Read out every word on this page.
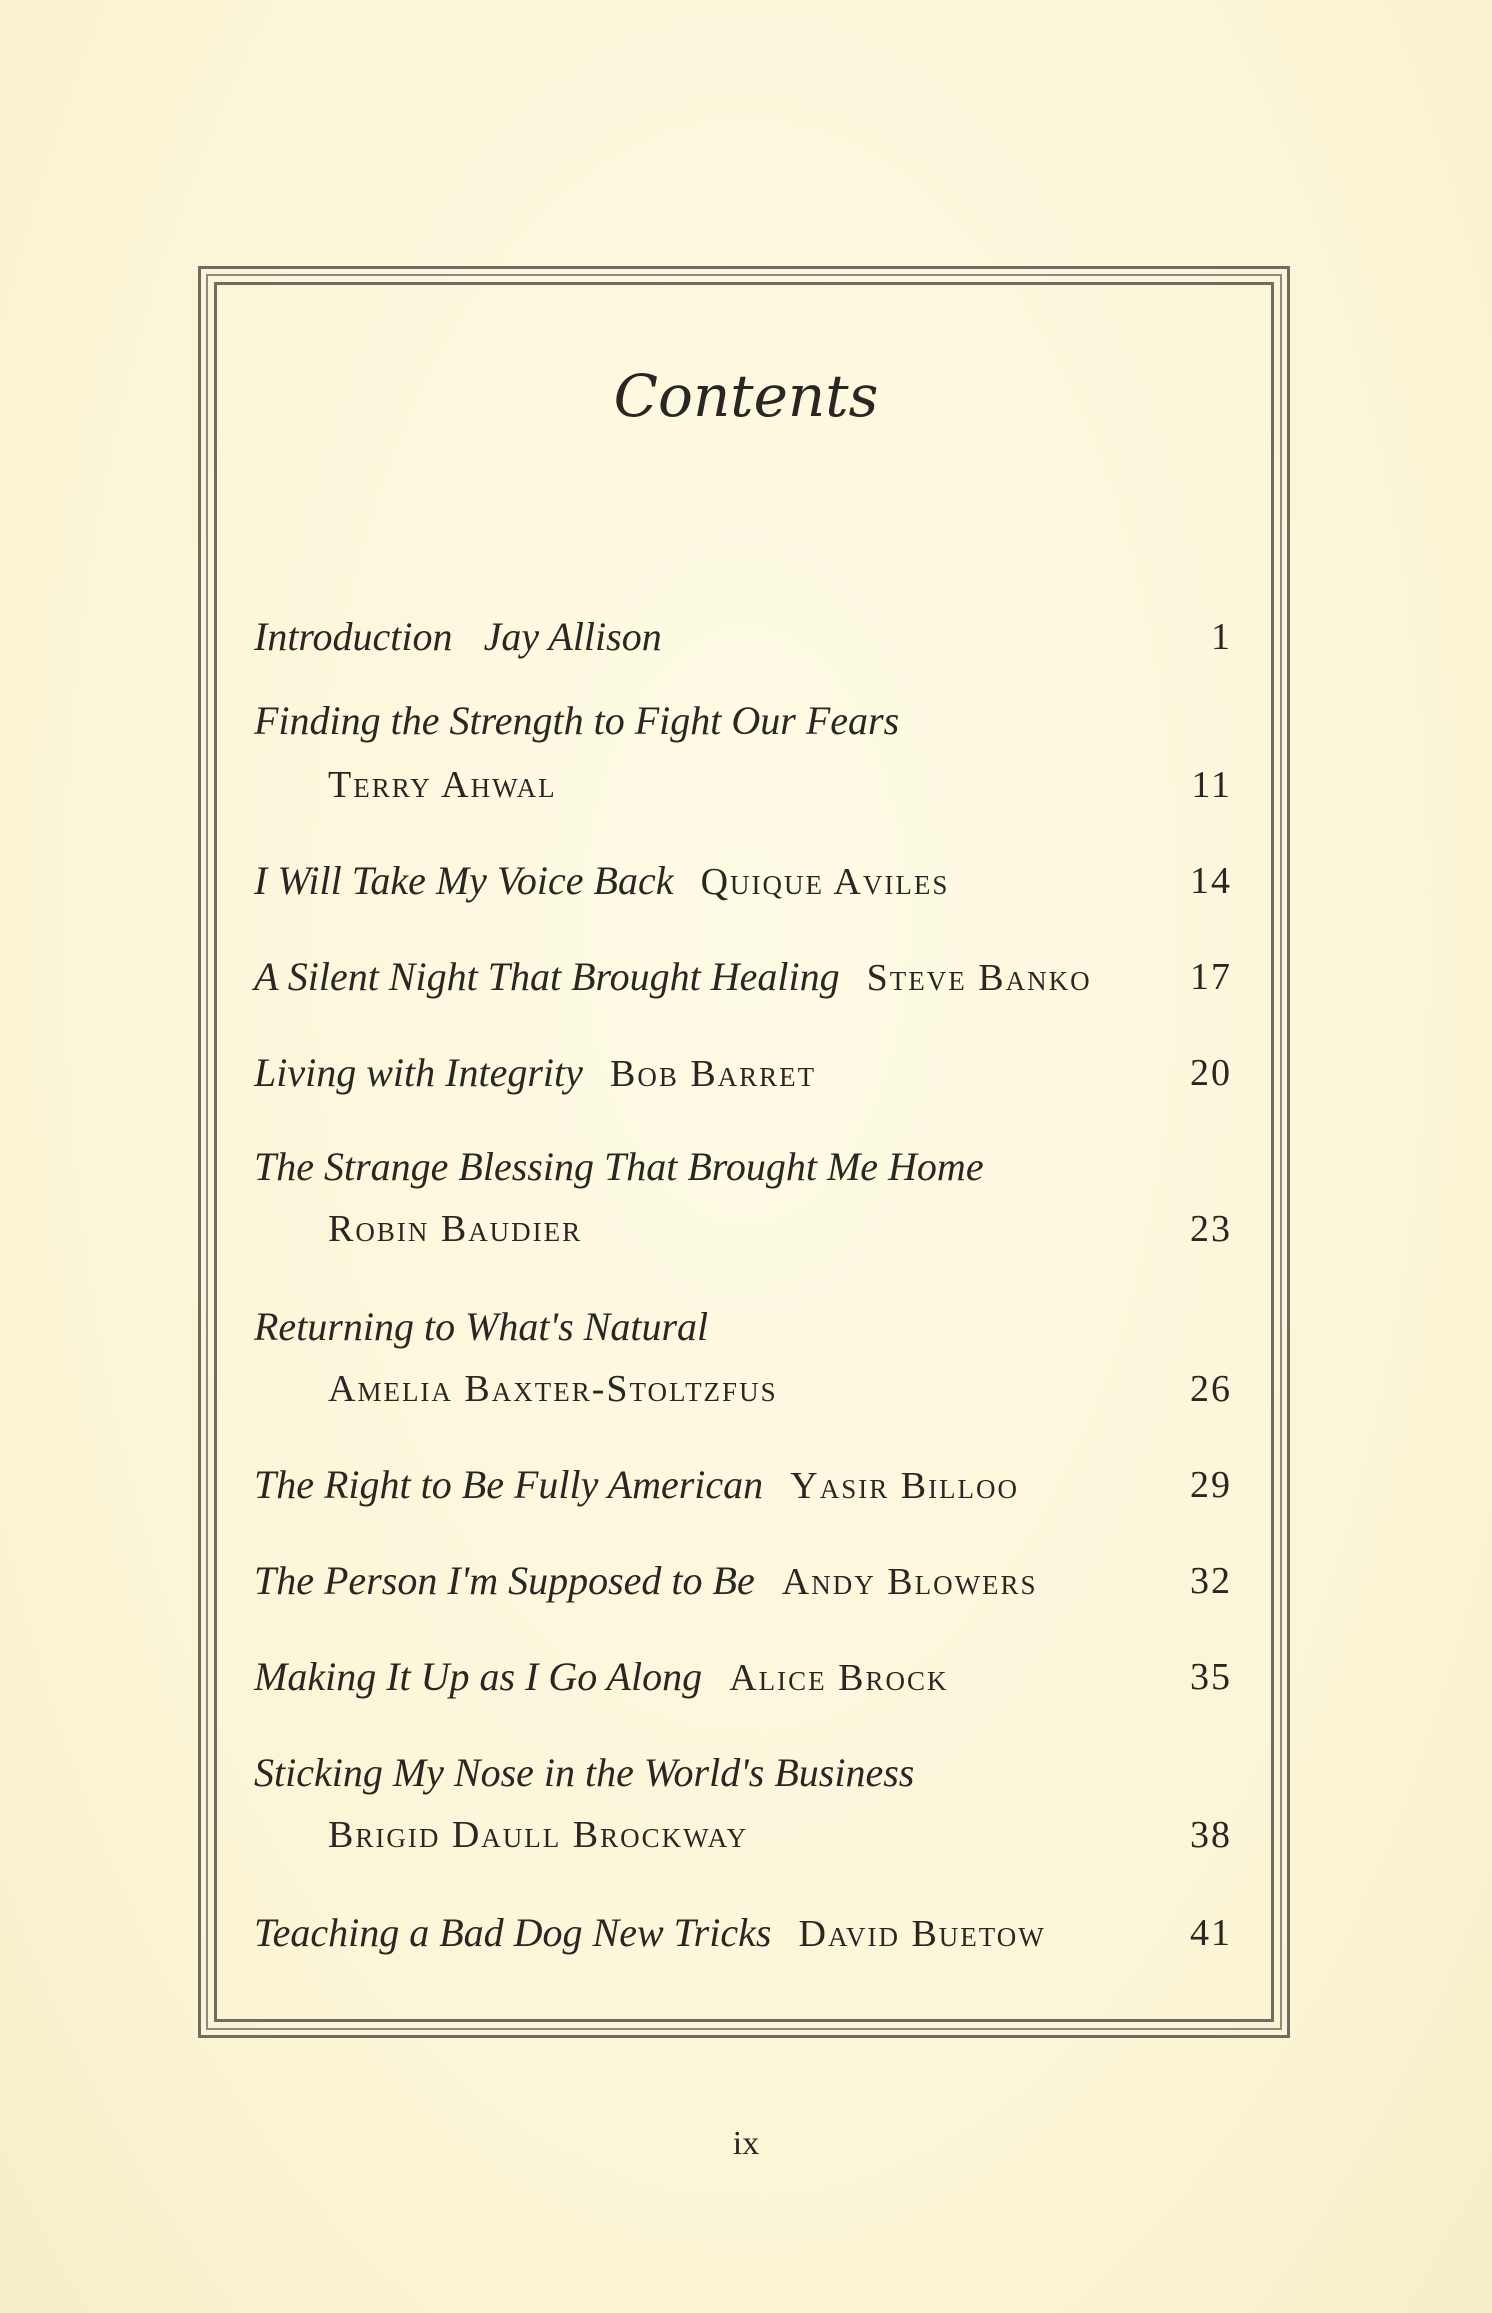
Contents
Introduction Jay Allison	1
Finding the Strength to Fight Our Fears
Terry Ahwal	11
I Will Take My Voice Back Quique Aviles	14
A Silent Night That Brought Healing Steve Banko	17
Living with Integrity Bob Barret	20
The Strange Blessing That Brought Me Home
Robin Baudier	23
Returning to What's Natural
Amelia Baxter-Stoltzfus	26
The Right to Be Fully American Yasir Billoo	29
The Person I'm Supposed to Be Andy Blowers	32
Making It Up as I Go Along Alice Brock	35
Sticking My Nose in the World's Business
Brigid Daull Brockway	38
Teaching a Bad Dog New Tricks David Buetow	41
ix
